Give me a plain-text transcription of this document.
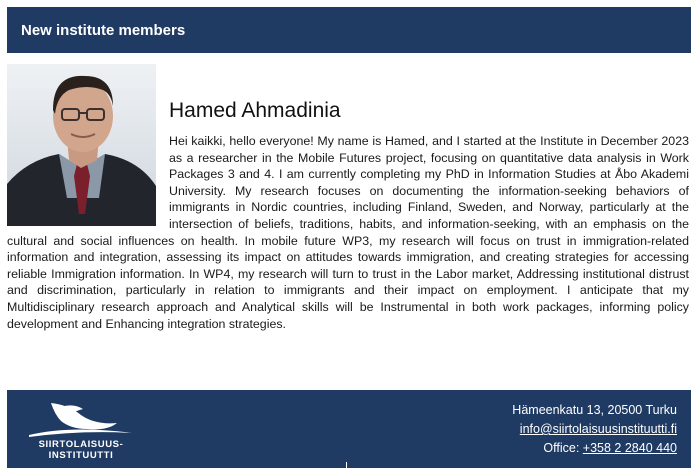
New institute members
Hamed Ahmadinia

Hei kaikki, hello everyone! My name is Hamed, and I started at the Institute in December 2023 as a researcher in the Mobile Futures project, focusing on quantitative data analysis in Work Packages 3 and 4. I am currently completing my PhD in Information Studies at Åbo Akademi University. My research focuses on documenting the information-seeking behaviors of immigrants in Nordic countries, including Finland, Sweden, and Norway, particularly at the intersection of beliefs, traditions, habits, and information-seeking, with an emphasis on the cultural and social influences on health. In mobile future WP3, my research will focus on trust in immigration-related information and integration, assessing its impact on attitudes towards immigration, and creating strategies for accessing reliable Immigration information. In WP4, my research will turn to trust in the Labor market, Addressing institutional distrust and discrimination, particularly in relation to immigrants and their impact on employment. I anticipate that my Multidisciplinary research approach and Analytical skills will be Instrumental in both work packages, informing policy development and Enhancing integration strategies.

SIIRTOLAISUUS-
INSTITUUTTI
Hämeenkatu 13, 20500 Turku
info@siirtolaisuusinstituutti.fi
Office: +358 2 2840 440
